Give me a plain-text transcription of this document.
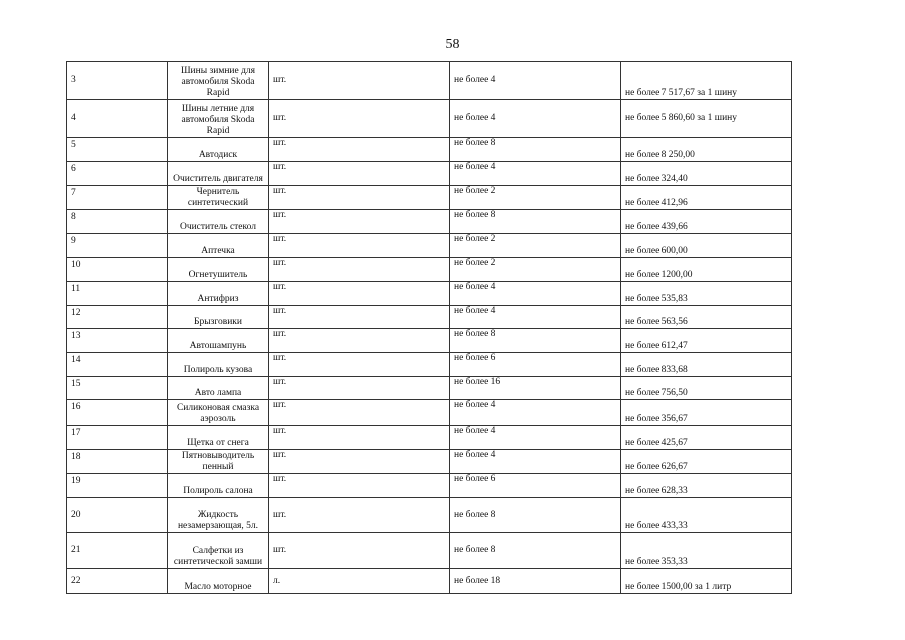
58
3	Шины зимние для автомобиля Skoda Rapid	шт.	не более 4	не более 7 517,67 за 1 шину
4	Шины летние для автомобиля Skoda Rapid	шт.	не более 4	не более 5 860,60 за 1 шину
5	Автодиск	шт.	не более 8	не более 8 250,00
6	Очиститель двигателя	шт.	не более 4	не более 324,40
7	Чернитель синтетический	шт.	не более 2	не более 412,96
8	Очиститель стекол	шт.	не более 8	не более 439,66
9	Аптечка	шт.	не более 2	не более 600,00
10	Огнетушитель	шт.	не более 2	не более 1200,00
11	Антифриз	шт.	не более 4	не более 535,83
12	Брызговики	шт.	не более 4	не более 563,56
13	Автошампунь	шт.	не более 8	не более 612,47
14	Полироль кузова	шт.	не более 6	не более 833,68
15	Авто лампа	шт.	не более 16	не более 756,50
16	Силиконовая смазка аэрозоль	шт.	не более 4	не более 356,67
17	Щетка от снега	шт.	не более 4	не более 425,67
18	Пятновыводитель пенный	шт.	не более 4	не более 626,67
19	Полироль салона	шт.	не более 6	не более 628,33
20	Жидкость незамерзающая, 5л.	шт.	не более 8	не более 433,33
21	Салфетки из синтетической замши	шт.	не более 8	не более 353,33
22	Масло моторное	л.	не более 18	не более 1500,00 за 1 литр
